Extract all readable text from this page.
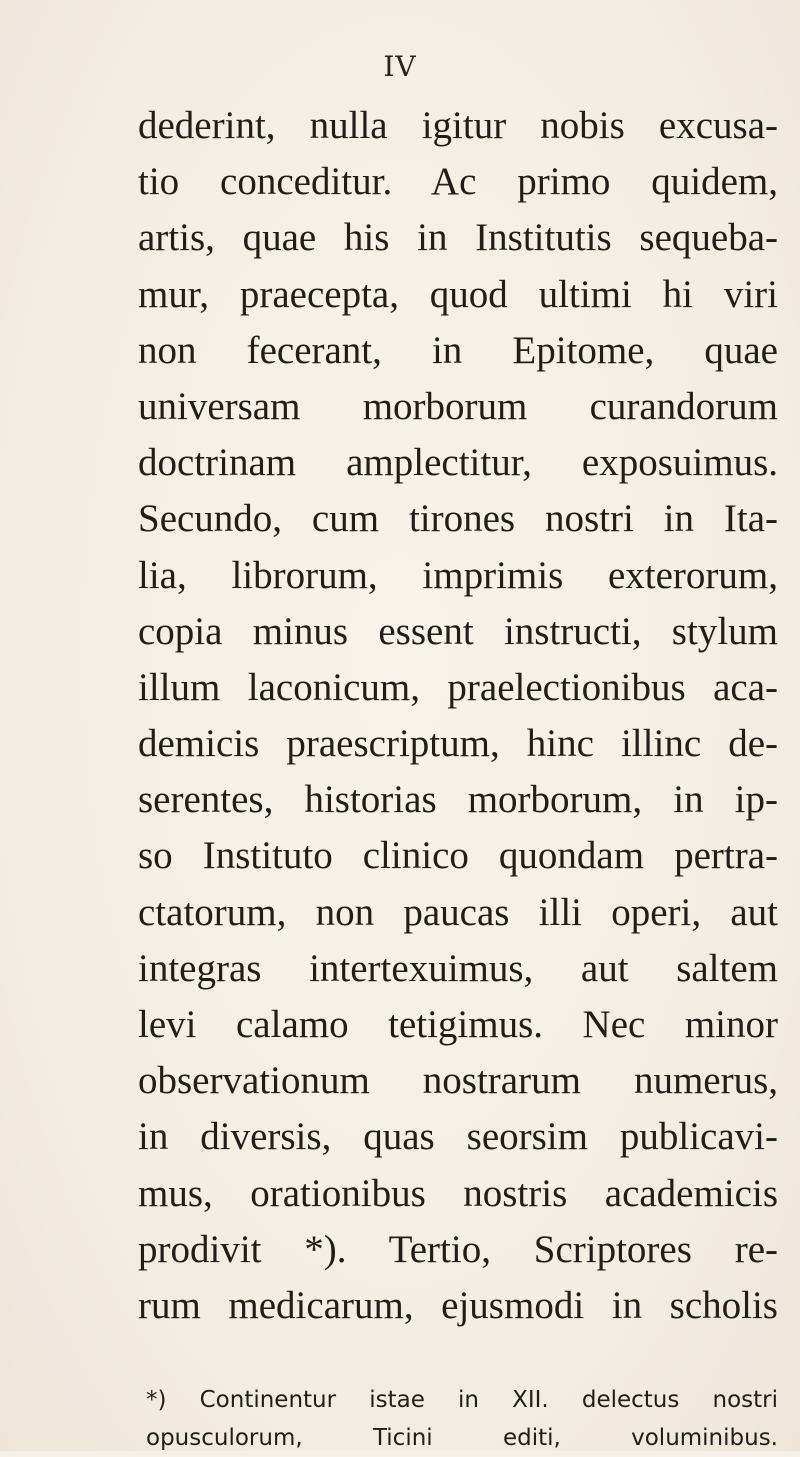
IV
dederint, nulla igitur nobis excusa-
tio conceditur. Ac primo quidem,
artis, quae his in Institutis sequeba-
mur, praecepta, quod ultimi hi viri
non fecerant, in Epitome, quae
universam morborum curandorum
doctrinam amplectitur, exposuimus.
Secundo, cum tirones nostri in Ita-
lia, librorum, imprimis exterorum,
copia minus essent instructi, stylum
illum laconicum, praelectionibus aca-
demicis praescriptum, hinc illinc de-
serentes, historias morborum, in ip-
so Instituto clinico quondam pertra-
ctatorum, non paucas illi operi, aut
integras intertexuimus, aut saltem
levi calamo tetigimus. Nec minor
observationum nostrarum numerus,
in diversis, quas seorsim publicavi-
mus, orationibus nostris academicis
prodivit *). Tertio, Scriptores re-
rum medicarum, ejusmodi in scholis
*) Continentur istae in XII. delectus nostri
opusculorum, Ticini editi, voluminibus.
